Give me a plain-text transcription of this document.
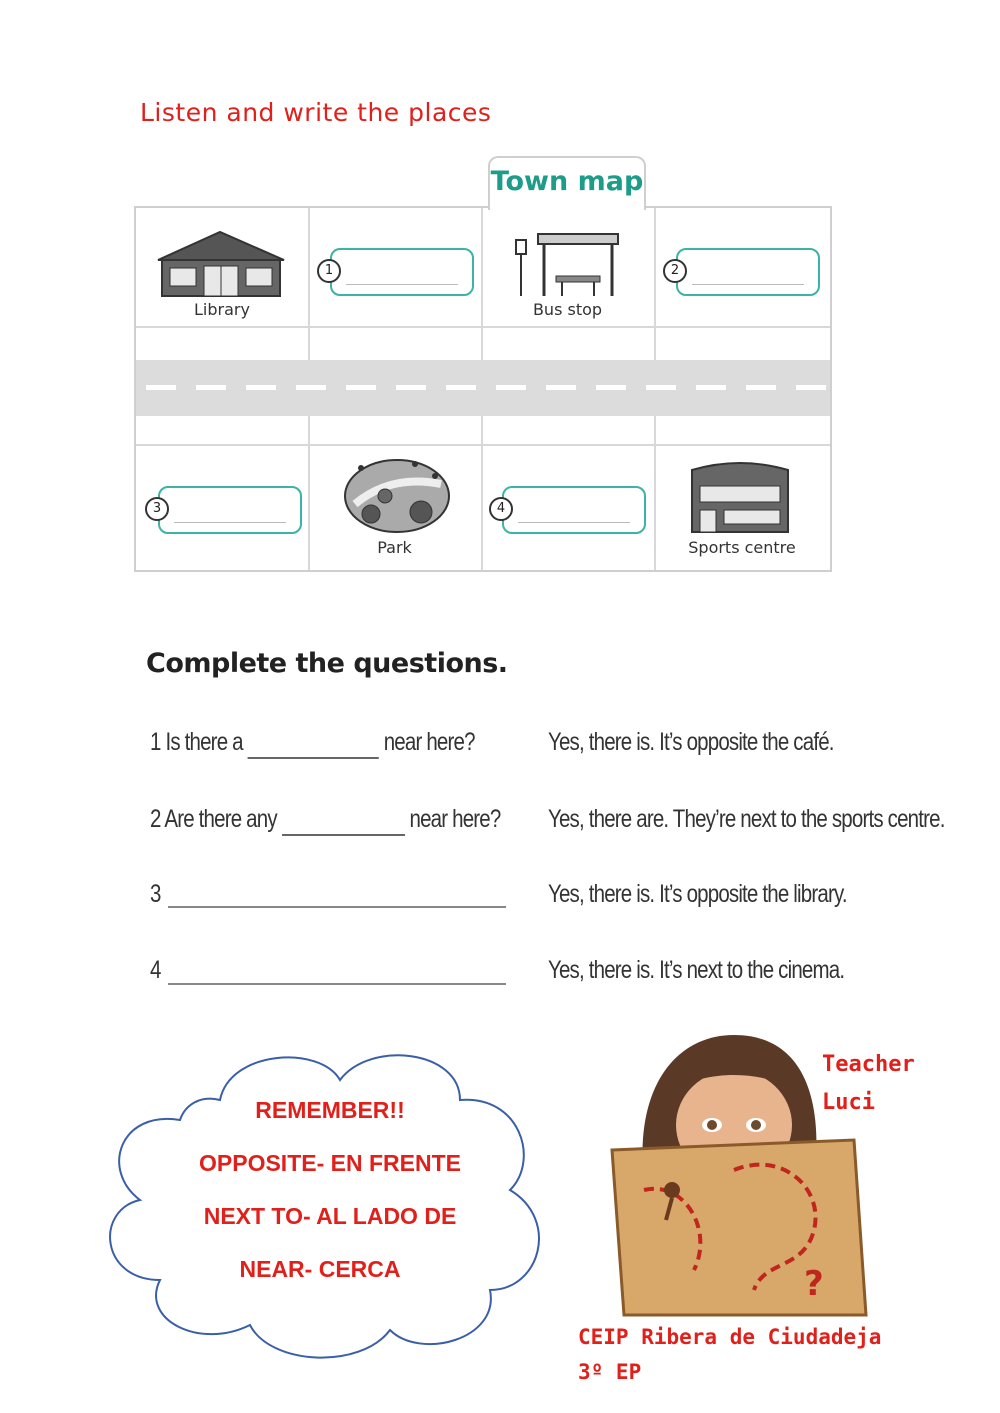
Listen and write the places
Town map
Library
1
Bus stop
2
3
Park
4
Sports centre
Complete the questions.
1 Is there a	near here?	Yes, there is. It’s opposite the café.
2 Are there any	near here? Yes, there are. They’re next to the sports centre.
3	Yes, there is. It’s opposite the library.
4	Yes, there is. It’s next to the cinema.
REMEMBER!!
OPPOSITE- EN FRENTE
NEXT TO- AL LADO DE
NEAR- CERCA	?
Teacher
Luci
CEIP Ribera de Ciudadeja
3º EP
